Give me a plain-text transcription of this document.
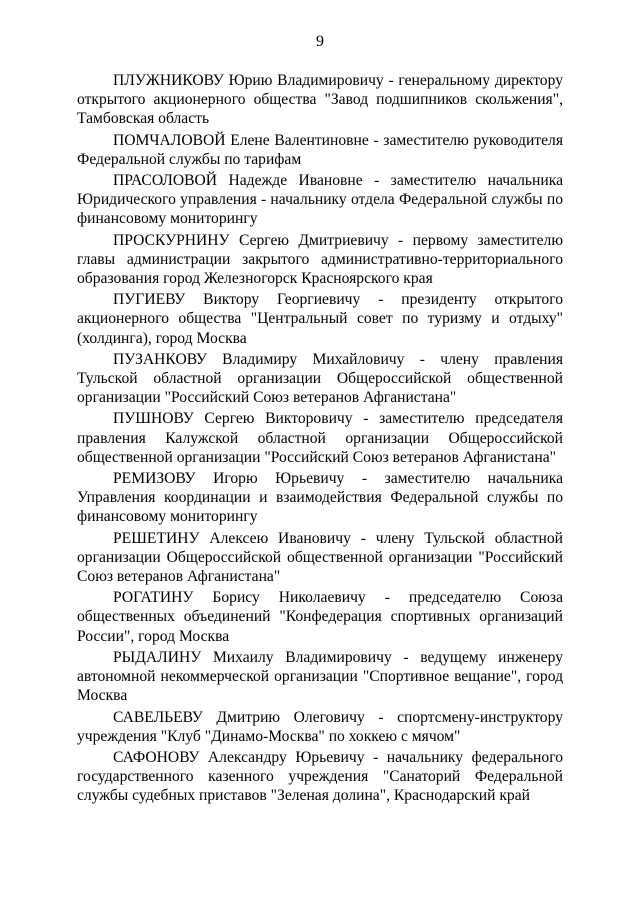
9

ПЛУЖНИКОВУ Юрию Владимировичу - генеральному директору открытого акционерного общества "Завод подшипников скольжения", Тамбовская область

ПОМЧАЛОВОЙ Елене Валентиновне - заместителю руководителя Федеральной службы по тарифам

ПРАСОЛОВОЙ Надежде Ивановне - заместителю начальника Юридического управления - начальнику отдела Федеральной службы по финансовому мониторингу

ПРОСКУРНИНУ Сергею Дмитриевичу - первому заместителю главы администрации закрытого административно-территориального образования город Железногорск Красноярского края

ПУГИЕВУ Виктору Георгиевичу - президенту открытого акционерного общества "Центральный совет по туризму и отдыху" (холдинга), город Москва

ПУЗАНКОВУ Владимиру Михайловичу - члену правления Тульской областной организации Общероссийской общественной организации "Российский Союз ветеранов Афганистана"

ПУШНОВУ Сергею Викторовичу - заместителю председателя правления Калужской областной организации Общероссийской общественной организации "Российский Союз ветеранов Афганистана"

РЕМИЗОВУ Игорю Юрьевичу - заместителю начальника Управления координации и взаимодействия Федеральной службы по финансовому мониторингу

РЕШЕТИНУ Алексею Ивановичу - члену Тульской областной организации Общероссийской общественной организации "Российский Союз ветеранов Афганистана"

РОГАТИНУ Борису Николаевичу - председателю Союза общественных объединений "Конфедерация спортивных организаций России", город Москва

РЫДАЛИНУ Михаилу Владимировичу - ведущему инженеру автономной некоммерческой организации "Спортивное вещание", город Москва

САВЕЛЬЕВУ Дмитрию Олеговичу - спортсмену-инструктору учреждения "Клуб "Динамо-Москва" по хоккею с мячом"

САФОНОВУ Александру Юрьевичу - начальнику федерального государственного казенного учреждения "Санаторий Федеральной службы судебных приставов "Зеленая долина", Краснодарский край
